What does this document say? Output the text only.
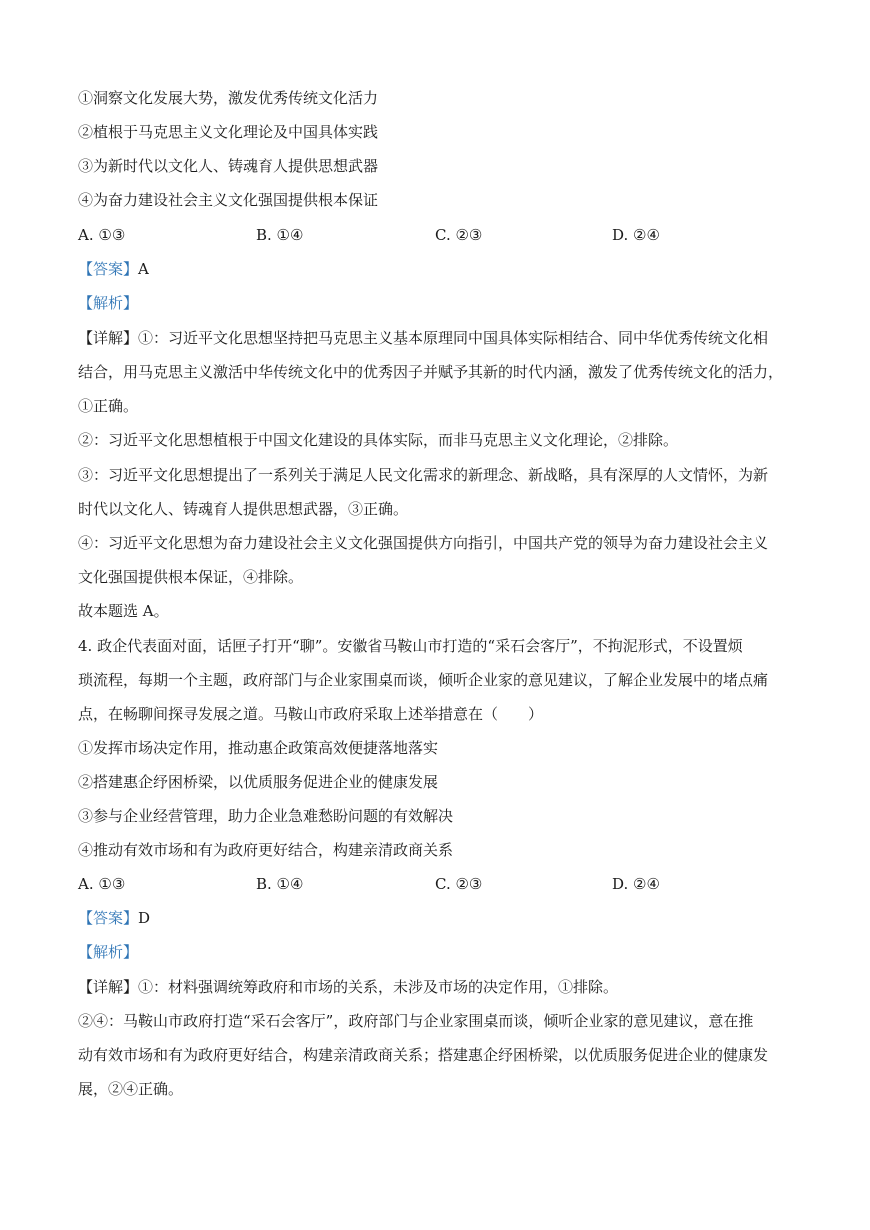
①洞察文化发展大势，激发优秀传统文化活力
②植根于马克思主义文化理论及中国具体实践
③为新时代以文化人、铸魂育人提供思想武器
④为奋力建设社会主义文化强国提供根本保证
A. ①③	B. ①④	C. ②③	D. ②④
【答案】A
【解析】
【详解】①：习近平文化思想坚持把马克思主义基本原理同中国具体实际相结合、同中华优秀传统文化相
结合，用马克思主义激活中华传统文化中的优秀因子并赋予其新的时代内涵，激发了优秀传统文化的活力，
①正确。
②：习近平文化思想植根于中国文化建设的具体实际，而非马克思主义文化理论，②排除。
③：习近平文化思想提出了一系列关于满足人民文化需求的新理念、新战略，具有深厚的人文情怀，为新
时代以文化人、铸魂育人提供思想武器，③正确。
④：习近平文化思想为奋力建设社会主义文化强国提供方向指引，中国共产党的领导为奋力建设社会主义
文化强国提供根本保证，④排除。
故本题选 A。
4. 政企代表面对面，话匣子打开“聊”。安徽省马鞍山市打造的“采石会客厅”，不拘泥形式，不设置烦
琐流程，每期一个主题，政府部门与企业家围桌而谈，倾听企业家的意见建议，了解企业发展中的堵点痛
点，在畅聊间探寻发展之道。马鞍山市政府采取上述举措意在（　　）
①发挥市场决定作用，推动惠企政策高效便捷落地落实
②搭建惠企纾困桥梁，以优质服务促进企业的健康发展
③参与企业经营管理，助力企业急难愁盼问题的有效解决
④推动有效市场和有为政府更好结合，构建亲清政商关系
A. ①③	B. ①④	C. ②③	D. ②④
【答案】D
【解析】
【详解】①：材料强调统筹政府和市场的关系，未涉及市场的决定作用，①排除。
②④：马鞍山市政府打造“采石会客厅”，政府部门与企业家围桌而谈，倾听企业家的意见建议，意在推
动有效市场和有为政府更好结合，构建亲清政商关系；搭建惠企纾困桥梁，以优质服务促进企业的健康发
展，②④正确。
